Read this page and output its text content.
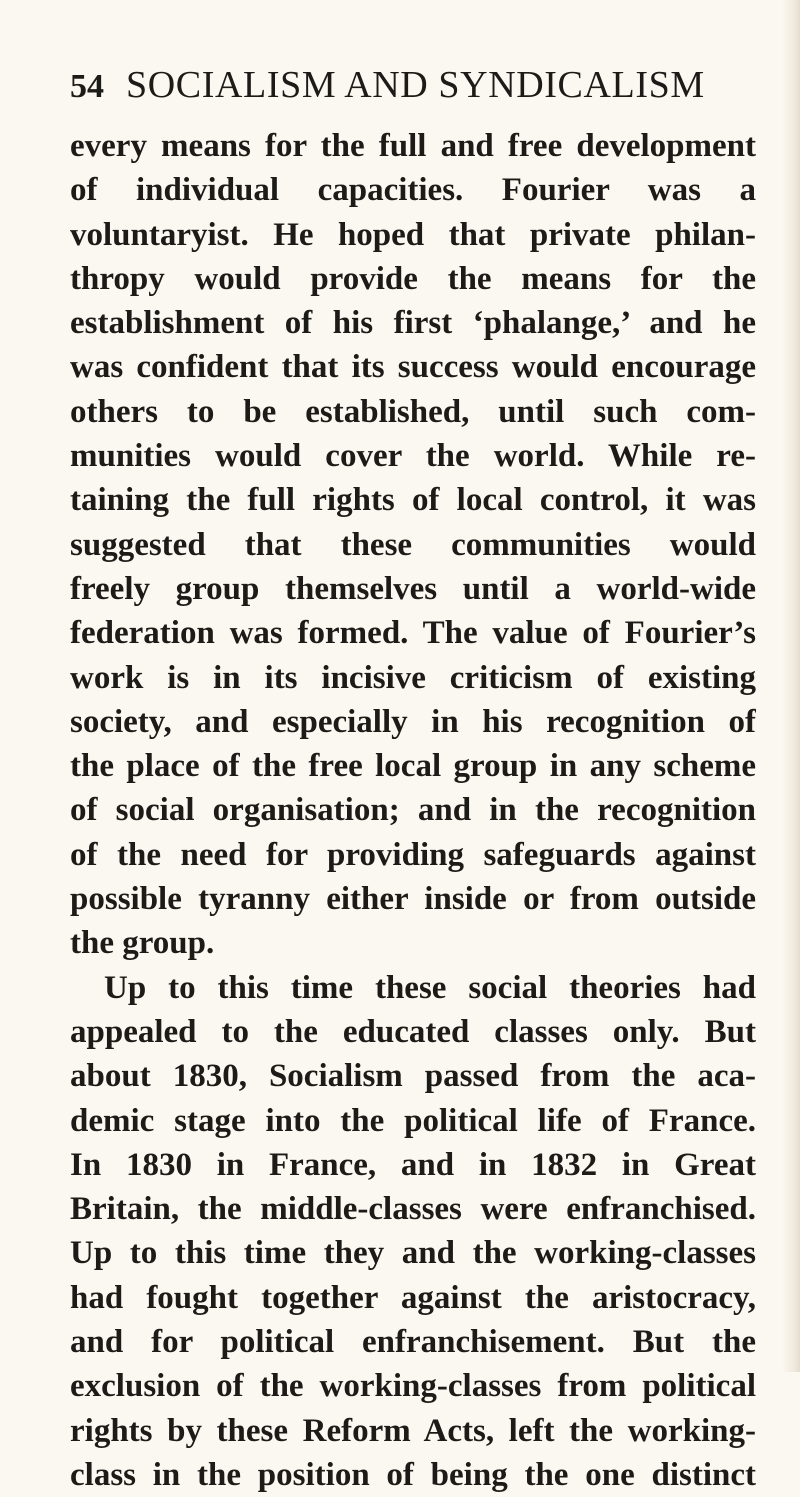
54 SOCIALISM AND SYNDICALISM
every means for the full and free development
of individual capacities. Fourier was a
voluntaryist. He hoped that private philan-
thropy would provide the means for the
establishment of his first ‘phalange,’ and he
was confident that its success would encourage
others to be established, until such com-
munities would cover the world. While re-
taining the full rights of local control, it was
suggested that these communities would
freely group themselves until a world-wide
federation was formed. The value of Fourier’s
work is in its incisive criticism of existing
society, and especially in his recognition of
the place of the free local group in any scheme
of social organisation; and in the recognition
of the need for providing safeguards against
possible tyranny either inside or from outside
the group.
Up to this time these social theories had
appealed to the educated classes only. But
about 1830, Socialism passed from the aca-
demic stage into the political life of France.
In 1830 in France, and in 1832 in Great
Britain, the middle-classes were enfranchised.
Up to this time they and the working-classes
had fought together against the aristocracy,
and for political enfranchisement. But the
exclusion of the working-classes from political
rights by these Reform Acts, left the working-
class in the position of being the one distinct
